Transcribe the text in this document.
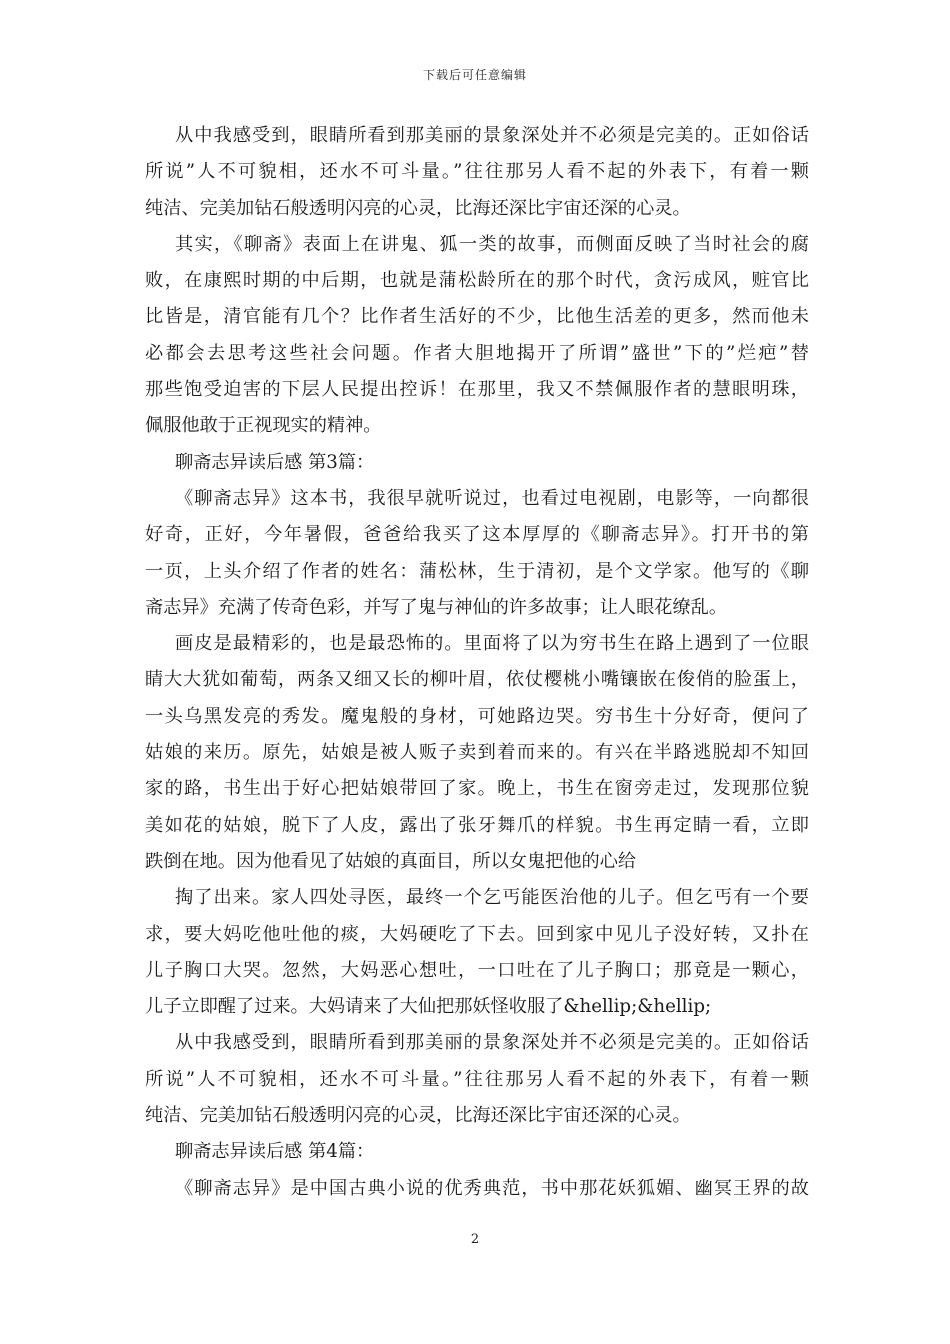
下载后可任意编辑
从中我感受到，眼睛所看到那美丽的景象深处并不必须是完美的。正如俗话
所说”人不可貌相，还水不可斗量。”往往那另人看不起的外表下，有着一颗
纯洁、完美加钻石般透明闪亮的心灵，比海还深比宇宙还深的心灵。
其实，《聊斋》表面上在讲鬼、狐一类的故事，而侧面反映了当时社会的腐
败，在康熙时期的中后期，也就是蒲松龄所在的那个时代，贪污成风，赃官比
比皆是，清官能有几个？比作者生活好的不少，比他生活差的更多，然而他未
必都会去思考这些社会问题。作者大胆地揭开了所谓”盛世”下的”烂疤”替
那些饱受迫害的下层人民提出控诉！在那里，我又不禁佩服作者的慧眼明珠，
佩服他敢于正视现实的精神。
聊斋志异读后感 第3篇：
《聊斋志异》这本书，我很早就听说过，也看过电视剧，电影等，一向都很
好奇，正好，今年暑假，爸爸给我买了这本厚厚的《聊斋志异》。打开书的第
一页，上头介绍了作者的姓名：蒲松林，生于清初，是个文学家。他写的《聊
斋志异》充满了传奇色彩，并写了鬼与神仙的许多故事；让人眼花缭乱。
画皮是最精彩的，也是最恐怖的。里面将了以为穷书生在路上遇到了一位眼
睛大大犹如葡萄，两条又细又长的柳叶眉，依仗樱桃小嘴镶嵌在俊俏的脸蛋上，
一头乌黑发亮的秀发。魔鬼般的身材，可她路边哭。穷书生十分好奇，便问了
姑娘的来历。原先，姑娘是被人贩子卖到着而来的。有兴在半路逃脱却不知回
家的路，书生出于好心把姑娘带回了家。晚上，书生在窗旁走过，发现那位貌
美如花的姑娘，脱下了人皮，露出了张牙舞爪的样貌。书生再定睛一看，立即
跌倒在地。因为他看见了姑娘的真面目，所以女鬼把他的心给
掏了出来。家人四处寻医，最终一个乞丐能医治他的儿子。但乞丐有一个要
求，要大妈吃他吐他的痰，大妈硬吃了下去。回到家中见儿子没好转，又扑在
儿子胸口大哭。忽然，大妈恶心想吐，一口吐在了儿子胸口；那竟是一颗心，
儿子立即醒了过来。大妈请来了大仙把那妖怪收服了&hellip;&hellip;
从中我感受到，眼睛所看到那美丽的景象深处并不必须是完美的。正如俗话
所说”人不可貌相，还水不可斗量。”往往那另人看不起的外表下，有着一颗
纯洁、完美加钻石般透明闪亮的心灵，比海还深比宇宙还深的心灵。
聊斋志异读后感 第4篇：
《聊斋志异》是中国古典小说的优秀典范，书中那花妖狐媚、幽冥王界的故
2
